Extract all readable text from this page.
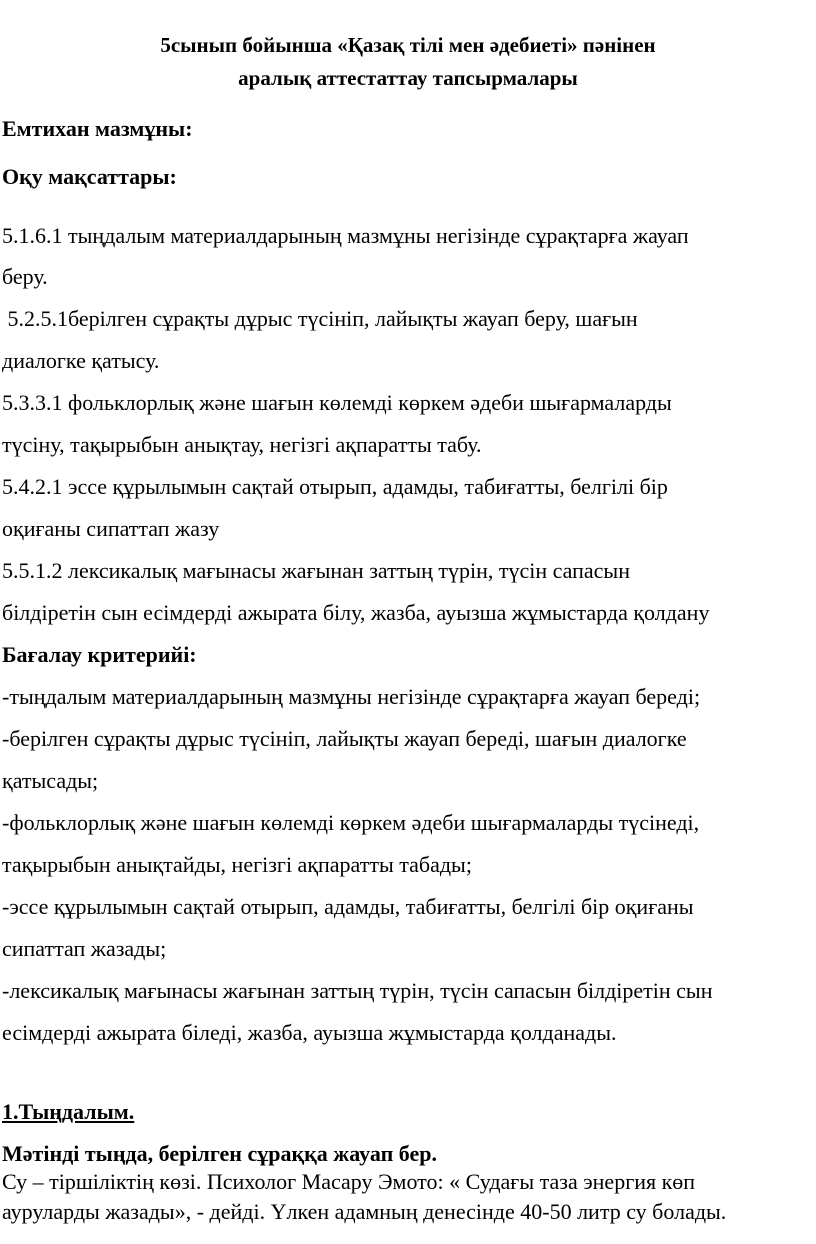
5сынып бойынша «Қазақ тілі мен әдебиеті» пәнінен
аралық аттестаттау тапсырмалары
Емтихан мазмұны:
Оқу мақсаттары:
5.1.6.1 тыңдалым материалдарының мазмұны негізінде сұрақтарға жауап
беру.
5.2.5.1берілген сұрақты дұрыс түсініп, лайықты жауап беру, шағын
диалогке қатысу.
5.3.3.1 фольклорлық және шағын көлемді көркем әдеби шығармаларды
түсіну, тақырыбын анықтау, негізгі ақпаратты табу.
5.4.2.1 эссе құрылымын сақтай отырып, адамды, табиғатты, белгілі бір
оқиғаны сипаттап жазу
5.5.1.2 лексикалық мағынасы жағынан заттың түрін, түсін сапасын
білдіретін сын есімдерді ажырата білу, жазба, ауызша жұмыстарда қолдану
Бағалау критерийі:
-тыңдалым материалдарының мазмұны негізінде сұрақтарға жауап береді;
-берілген сұрақты дұрыс түсініп, лайықты жауап береді, шағын диалогке
қатысады;
-фольклорлық және шағын көлемді көркем әдеби шығармаларды түсінеді,
тақырыбын анықтайды, негізгі ақпаратты табады;
-эссе құрылымын сақтай отырып, адамды, табиғатты, белгілі бір оқиғаны
сипаттап жазады;
-лексикалық мағынасы жағынан заттың түрін, түсін сапасын білдіретін сын
есімдерді ажырата біледі, жазба, ауызша жұмыстарда қолданады.
1.Тыңдалым.
Мәтінді тыңда, берілген сұраққа жауап бер.
Су – тіршіліктің көзі. Психолог Масару Эмото: « Судағы таза энергия көп
ауруларды жазады», - дейді. Үлкен адамның денесінде 40-50 литр су болады.
